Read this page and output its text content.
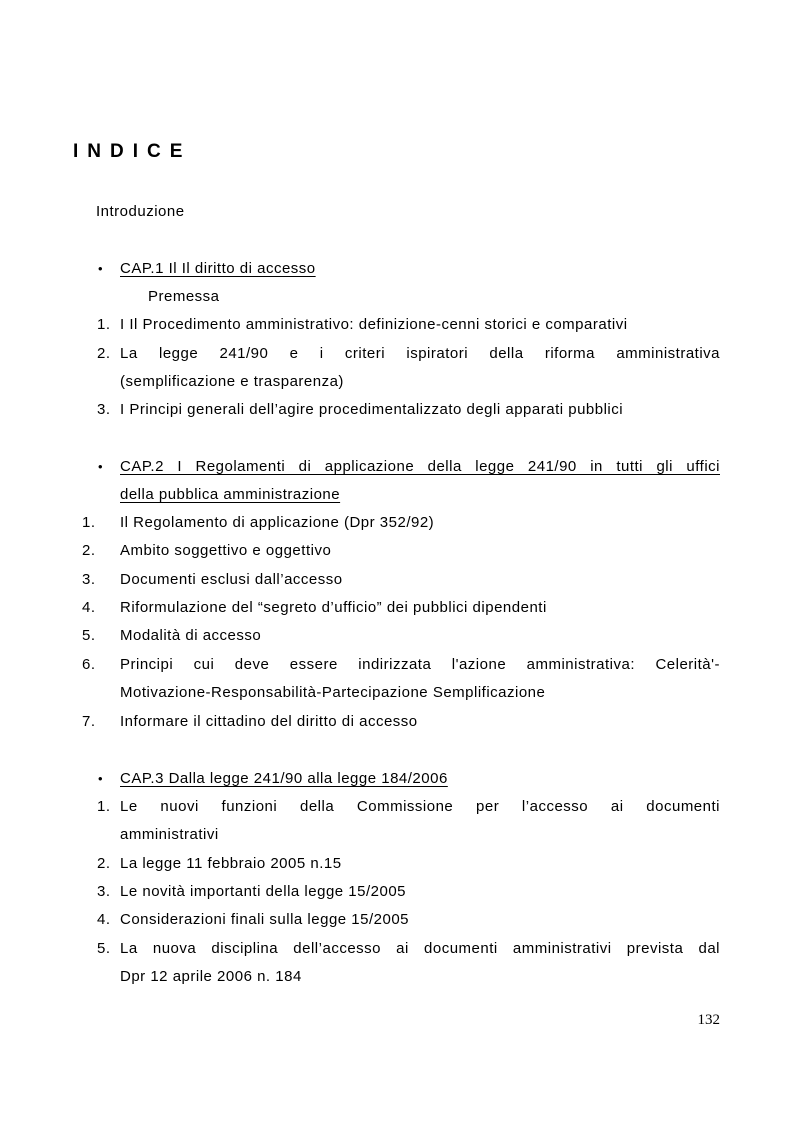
INDICE
Introduzione
• CAP.1 Il Il diritto di accesso
Premessa
1. I Il Procedimento amministrativo: definizione-cenni storici e comparativi
2. La legge 241/90 e i criteri ispiratori della riforma amministrativa
(semplificazione e trasparenza)
3. I Principi generali dell’agire procedimentalizzato degli apparati pubblici
• CAP.2 I Regolamenti di applicazione della legge 241/90 in tutti gli uffici
della pubblica amministrazione
1. Il Regolamento di applicazione (Dpr 352/92)
2. Ambito soggettivo e oggettivo
3. Documenti esclusi dall’accesso
4. Riformulazione del “segreto d’ufficio” dei pubblici dipendenti
5. Modalità di accesso
6. Principi cui deve essere indirizzata l'azione amministrativa: Celerità'-
Motivazione-Responsabilità-Partecipazione Semplificazione
7. Informare il cittadino del diritto di accesso
• CAP.3 Dalla legge 241/90 alla legge 184/2006
1. Le nuovi funzioni della Commissione per l’accesso ai documenti
amministrativi
2. La legge 11 febbraio 2005 n.15
3. Le novità importanti della legge 15/2005
4. Considerazioni finali sulla legge 15/2005
5. La nuova disciplina dell’accesso ai documenti amministrativi prevista dal
Dpr 12 aprile 2006 n. 184
132
